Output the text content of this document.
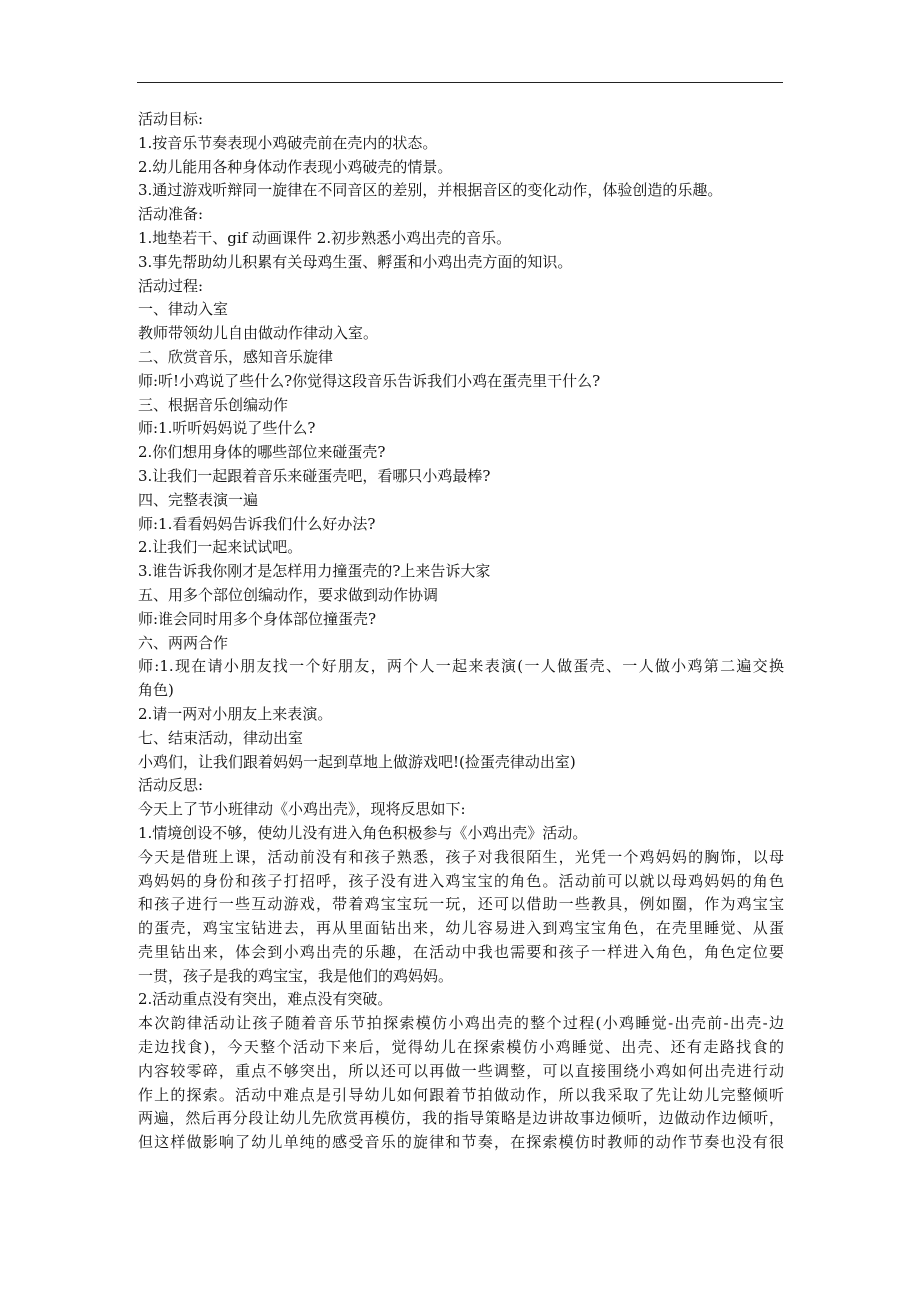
活动目标:
1.按音乐节奏表现小鸡破壳前在壳内的状态。
2.幼儿能用各种身体动作表现小鸡破壳的情景。
3.通过游戏听辩同一旋律在不同音区的差别，并根据音区的变化动作，体验创造的乐趣。
活动准备:
1.地垫若干、gif 动画课件 2.初步熟悉小鸡出壳的音乐。
3.事先帮助幼儿积累有关母鸡生蛋、孵蛋和小鸡出壳方面的知识。
活动过程:
一、律动入室
教师带领幼儿自由做动作律动入室。
二、欣赏音乐，感知音乐旋律
师:听!小鸡说了些什么?你觉得这段音乐告诉我们小鸡在蛋壳里干什么?
三、根据音乐创编动作
师:1.听听妈妈说了些什么?
2.你们想用身体的哪些部位来碰蛋壳?
3.让我们一起跟着音乐来碰蛋壳吧，看哪只小鸡最棒?
四、完整表演一遍
师:1.看看妈妈告诉我们什么好办法?
2.让我们一起来试试吧。
3.谁告诉我你刚才是怎样用力撞蛋壳的?上来告诉大家
五、用多个部位创编动作，要求做到动作协调
师:谁会同时用多个身体部位撞蛋壳?
六、两两合作
师:1.现在请小朋友找一个好朋友，两个人一起来表演(一人做蛋壳、一人做小鸡第二遍交换
角色)
2.请一两对小朋友上来表演。
七、结束活动，律动出室
小鸡们，让我们跟着妈妈一起到草地上做游戏吧!(捡蛋壳律动出室)
活动反思:
今天上了节小班律动《小鸡出壳》，现将反思如下:
1.情境创设不够，使幼儿没有进入角色积极参与《小鸡出壳》活动。
今天是借班上课，活动前没有和孩子熟悉，孩子对我很陌生，光凭一个鸡妈妈的胸饰，以母
鸡妈妈的身份和孩子打招呼，孩子没有进入鸡宝宝的角色。活动前可以就以母鸡妈妈的角色
和孩子进行一些互动游戏，带着鸡宝宝玩一玩，还可以借助一些教具，例如圈，作为鸡宝宝
的蛋壳，鸡宝宝钻进去，再从里面钻出来，幼儿容易进入到鸡宝宝角色，在壳里睡觉、从蛋
壳里钻出来，体会到小鸡出壳的乐趣，在活动中我也需要和孩子一样进入角色，角色定位要
一贯，孩子是我的鸡宝宝，我是他们的鸡妈妈。
2.活动重点没有突出，难点没有突破。
本次韵律活动让孩子随着音乐节拍探索模仿小鸡出壳的整个过程(小鸡睡觉-出壳前-出壳-边
走边找食)，今天整个活动下来后，觉得幼儿在探索模仿小鸡睡觉、出壳、还有走路找食的
内容较零碎，重点不够突出，所以还可以再做一些调整，可以直接围绕小鸡如何出壳进行动
作上的探索。活动中难点是引导幼儿如何跟着节拍做动作，所以我采取了先让幼儿完整倾听
两遍，然后再分段让幼儿先欣赏再模仿，我的指导策略是边讲故事边倾听，边做动作边倾听，
但这样做影响了幼儿单纯的感受音乐的旋律和节奏，在探索模仿时教师的动作节奏也没有很
